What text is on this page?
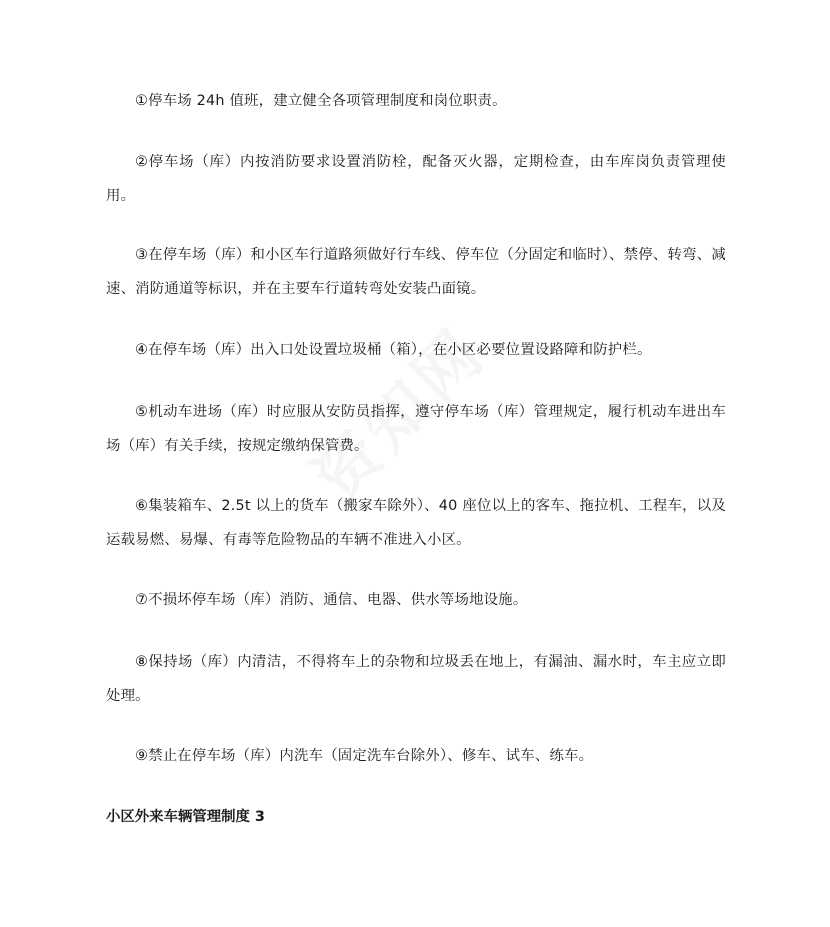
①停车场 24h 值班，建立健全各项管理制度和岗位职责。

②停车场（库）内按消防要求设置消防栓，配备灭火器，定期检查，由车库岗负责管理使用。

③在停车场（库）和小区车行道路须做好行车线、停车位（分固定和临时）、禁停、转弯、减速、消防通道等标识，并在主要车行道转弯处安装凸面镜。

④在停车场（库）出入口处设置垃圾桶（箱），在小区必要位置设路障和防护栏。

⑤机动车进场（库）时应服从安防员指挥，遵守停车场（库）管理规定，履行机动车进出车场（库）有关手续，按规定缴纳保管费。

⑥集装箱车、2.5t 以上的货车（搬家车除外）、40 座位以上的客车、拖拉机、工程车，以及运载易燃、易爆、有毒等危险物品的车辆不准进入小区。

⑦不损坏停车场（库）消防、通信、电器、供水等场地设施。

⑧保持场（库）内清洁，不得将车上的杂物和垃圾丢在地上，有漏油、漏水时，车主应立即处理。

⑨禁止在停车场（库）内洗车（固定洗车台除外）、修车、试车、练车。

小区外来车辆管理制度 3
